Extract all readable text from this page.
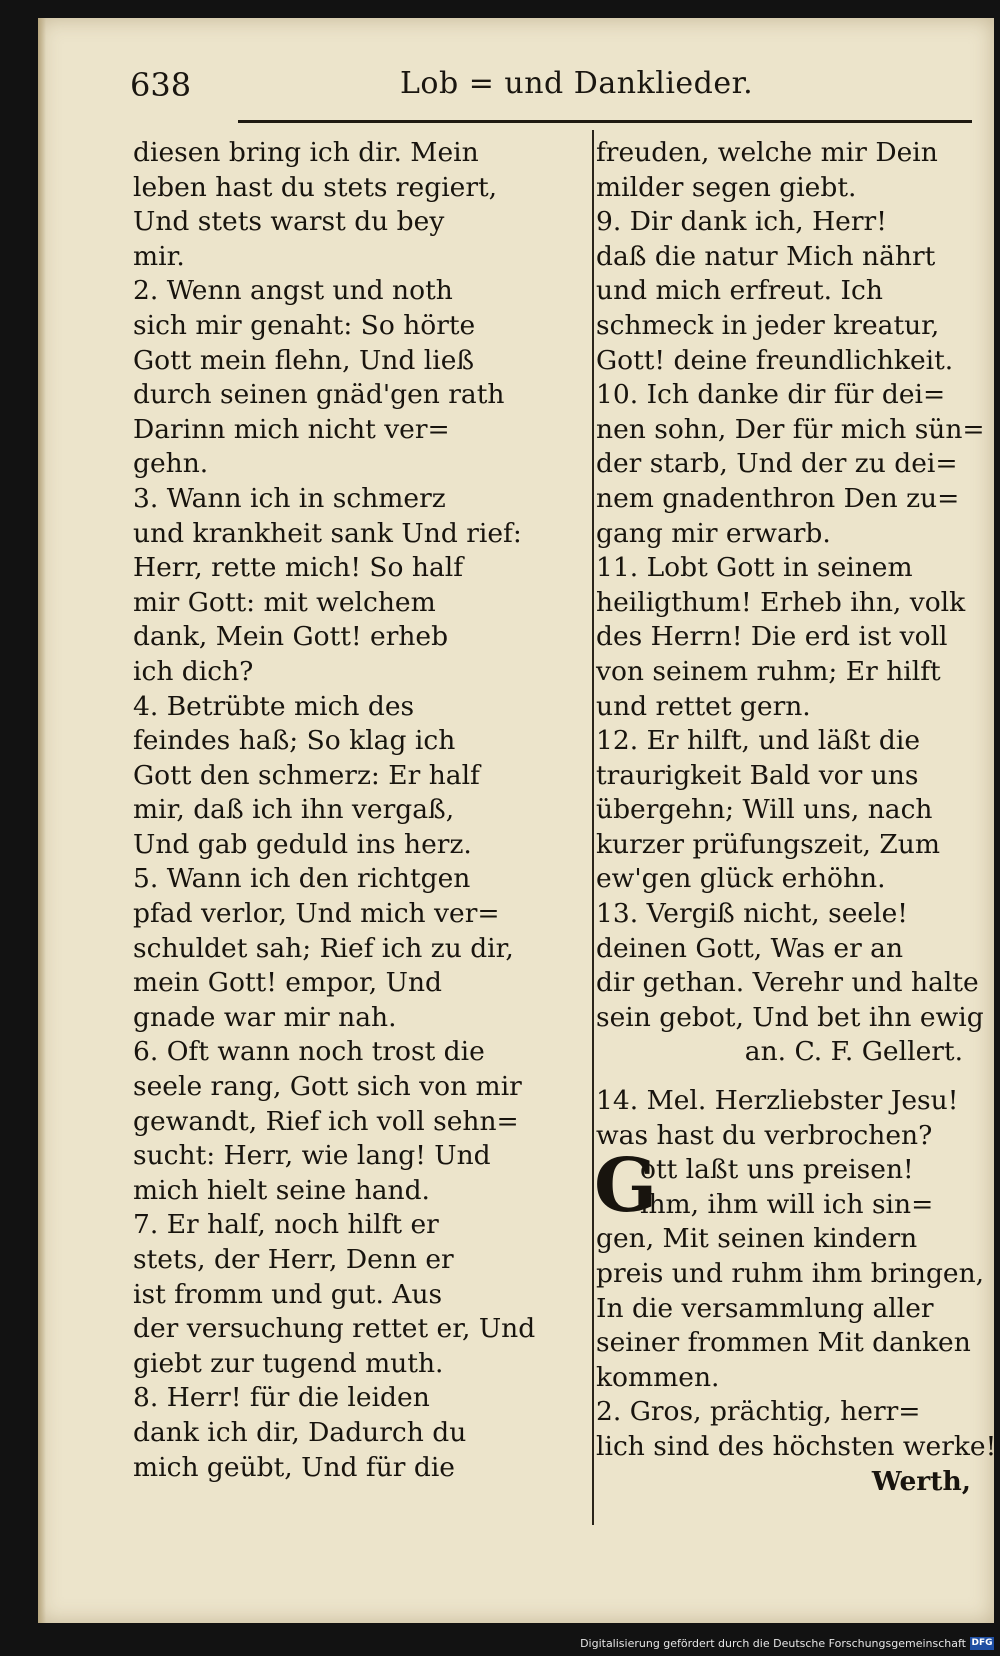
638	Lob = und Danklieder.
diesen bring ich dir. Mein
leben hast du stets regiert,
Und stets warst du bey
mir.
2. Wenn angst und noth
sich mir genaht: So hörte
Gott mein flehn, Und ließ
durch seinen gnäd'gen rath
Darinn mich nicht ver=
gehn.
3. Wann ich in schmerz
und krankheit sank Und rief:
Herr, rette mich! So half
mir Gott: mit welchem
dank, Mein Gott! erheb
ich dich?
4. Betrübte mich des
feindes haß; So klag ich
Gott den schmerz: Er half
mir, daß ich ihn vergaß,
Und gab geduld ins herz.
5. Wann ich den richtgen
pfad verlor, Und mich ver=
schuldet sah; Rief ich zu dir,
mein Gott! empor, Und
gnade war mir nah.
6. Oft wann noch trost die
seele rang, Gott sich von mir
gewandt, Rief ich voll sehn=
sucht: Herr, wie lang! Und
mich hielt seine hand.
7. Er half, noch hilft er
stets, der Herr, Denn er
ist fromm und gut. Aus
der versuchung rettet er, Und
giebt zur tugend muth.
8. Herr! für die leiden
dank ich dir, Dadurch du
mich geübt, Und für die
freuden, welche mir Dein
milder segen giebt.
9. Dir dank ich, Herr!
daß die natur Mich nährt
und mich erfreut. Ich
schmeck in jeder kreatur,
Gott! deine freundlichkeit.
10. Ich danke dir für dei=
nen sohn, Der für mich sün=
der starb, Und der zu dei=
nem gnadenthron Den zu=
gang mir erwarb.
11. Lobt Gott in seinem
heiligthum! Erheb ihn, volk
des Herrn! Die erd ist voll
von seinem ruhm; Er hilft
und rettet gern.
12. Er hilft, und läßt die
traurigkeit Bald vor uns
übergehn; Will uns, nach
kurzer prüfungszeit, Zum
ew'gen glück erhöhn.
13. Vergiß nicht, seele!
deinen Gott, Was er an
dir gethan. Verehr und halte
sein gebot, Und bet ihn ewig
an. C. F. Gellert.
14. Mel. Herzliebster Jesu!
was hast du verbrochen?
G
ott laßt uns preisen!
ihm, ihm will ich sin=
gen, Mit seinen kindern
preis und ruhm ihm bringen,
In die versammlung aller
seiner frommen Mit danken
kommen.
2. Gros, prächtig, herr=
lich sind des höchsten werke!
Werth,
Digitalisierung gefördert durch die Deutsche Forschungsgemeinschaft DFG
